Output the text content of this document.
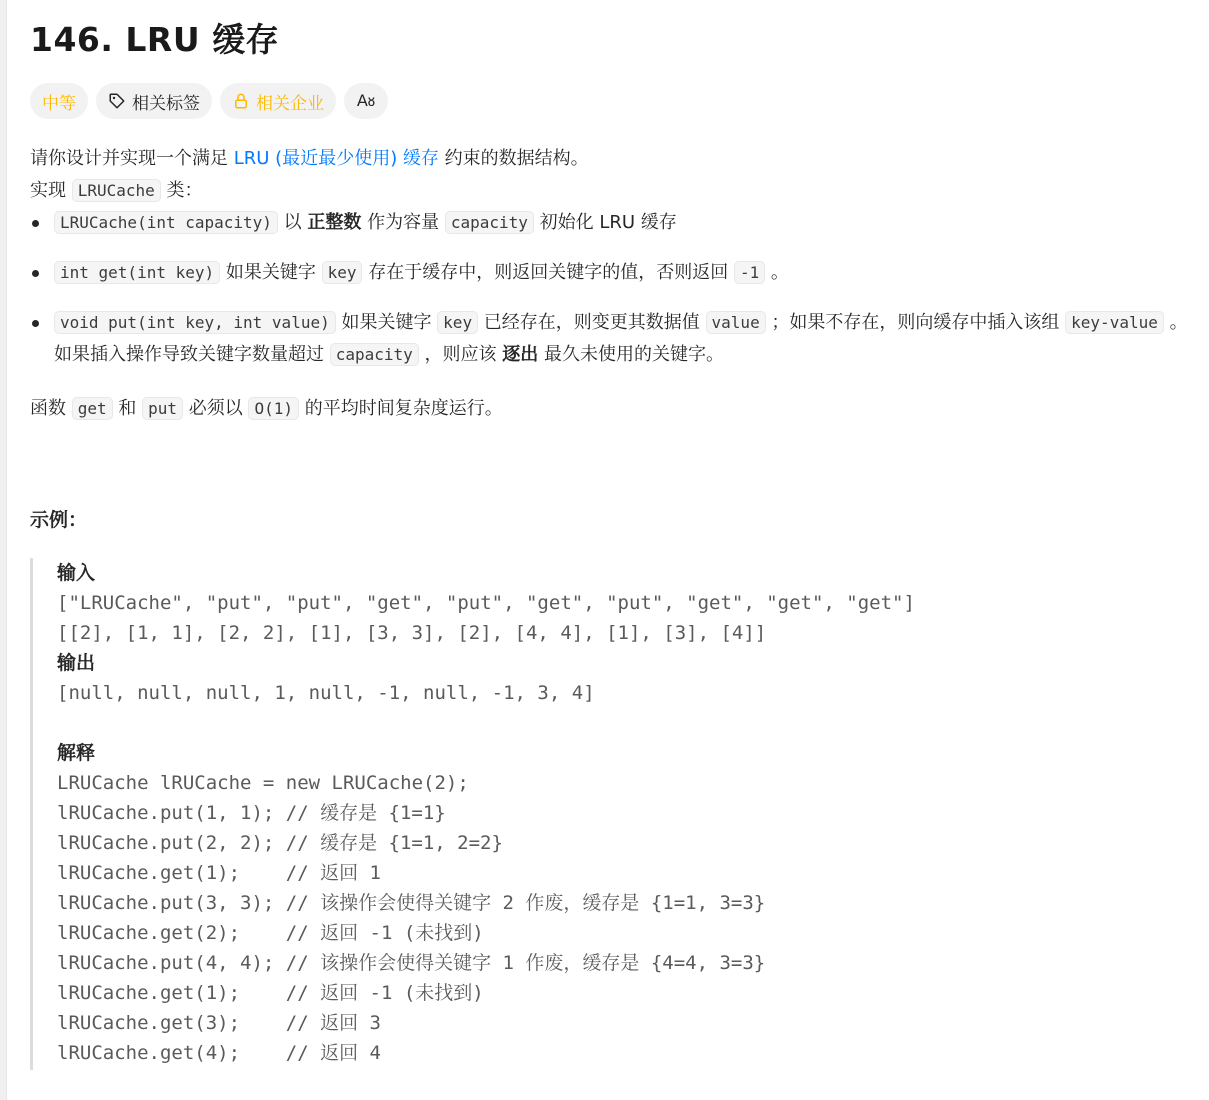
146. LRU 缓存
中等	相关标签	相关企业 Aᴕ

请你设计并实现一个满足 LRU (最近最少使用) 缓存 约束的数据结构。

实现 LRUCache 类：

LRUCache(int capacity) 以 正整数 作为容量 capacity 初始化 LRU 缓存
int get(int key) 如果关键字 key 存在于缓存中，则返回关键字的值，否则返回 -1 。
void put(int key, int value) 如果关键字 key 已经存在，则变更其数据值 value ；如果不存在，则向缓存中插入该组 key-value 。如果插入操作导致关键字数量超过 capacity ，则应该 逐出 最久未使用的关键字。
函数 get 和 put 必须以 O(1) 的平均时间复杂度运行。
示例：
输入
["LRUCache", "put", "put", "get", "put", "get", "put", "get", "get", "get"]
[[2], [1, 1], [2, 2], [1], [3, 3], [2], [4, 4], [1], [3], [4]]
输出
[null, null, null, 1, null, -1, null, -1, 3, 4]
解释
LRUCache lRUCache = new LRUCache(2);
lRUCache.put(1, 1); // 缓存是 {1=1}
lRUCache.put(2, 2); // 缓存是 {1=1, 2=2}
lRUCache.get(1);    // 返回 1
lRUCache.put(3, 3); // 该操作会使得关键字 2 作废，缓存是 {1=1, 3=3}
lRUCache.get(2);    // 返回 -1 (未找到)
lRUCache.put(4, 4); // 该操作会使得关键字 1 作废，缓存是 {4=4, 3=3}
lRUCache.get(1);    // 返回 -1 (未找到)
lRUCache.get(3);    // 返回 3
lRUCache.get(4);    // 返回 4
